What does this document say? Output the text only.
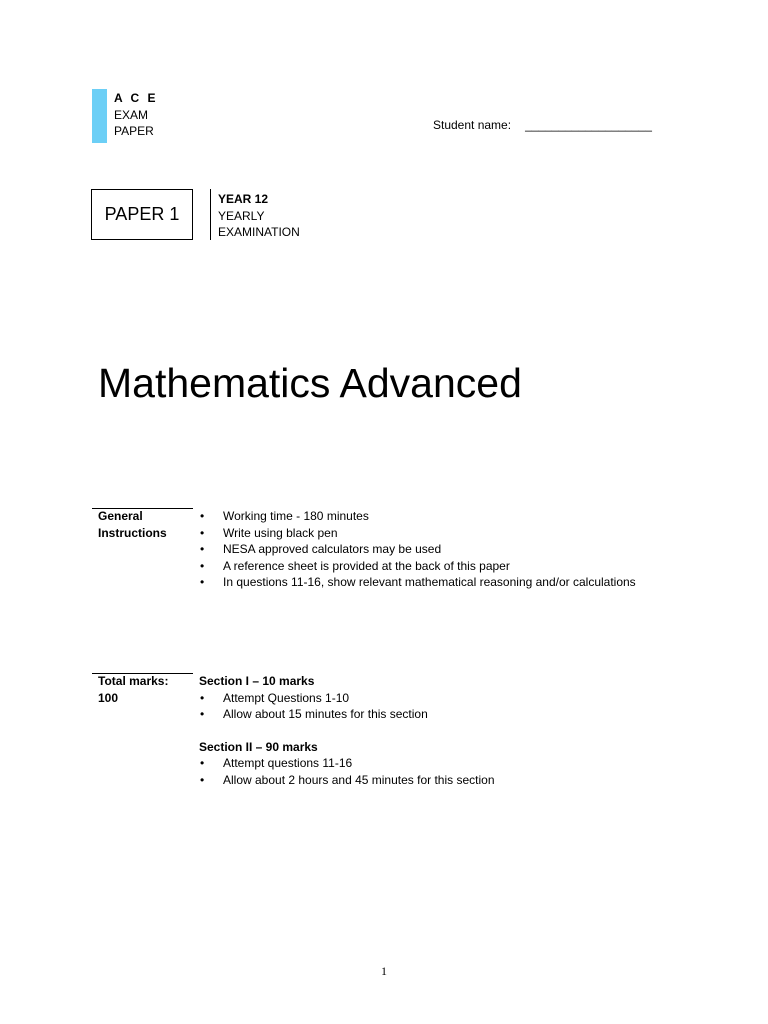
A C E
EXAM
PAPER	Student name: ___________________
PAPER 1
YEAR 12
YEARLY
EXAMINATION
Mathematics Advanced
General
Instructions
• Working time - 180 minutes
• Write using black pen
• NESA approved calculators may be used
• A reference sheet is provided at the back of this paper
• In questions 11-16, show relevant mathematical reasoning and/or calculations
Total marks:
100
Section I – 10 marks
• Attempt Questions 1-10
• Allow about 15 minutes for this section
Section II – 90 marks
• Attempt questions 11-16
• Allow about 2 hours and 45 minutes for this section
1
